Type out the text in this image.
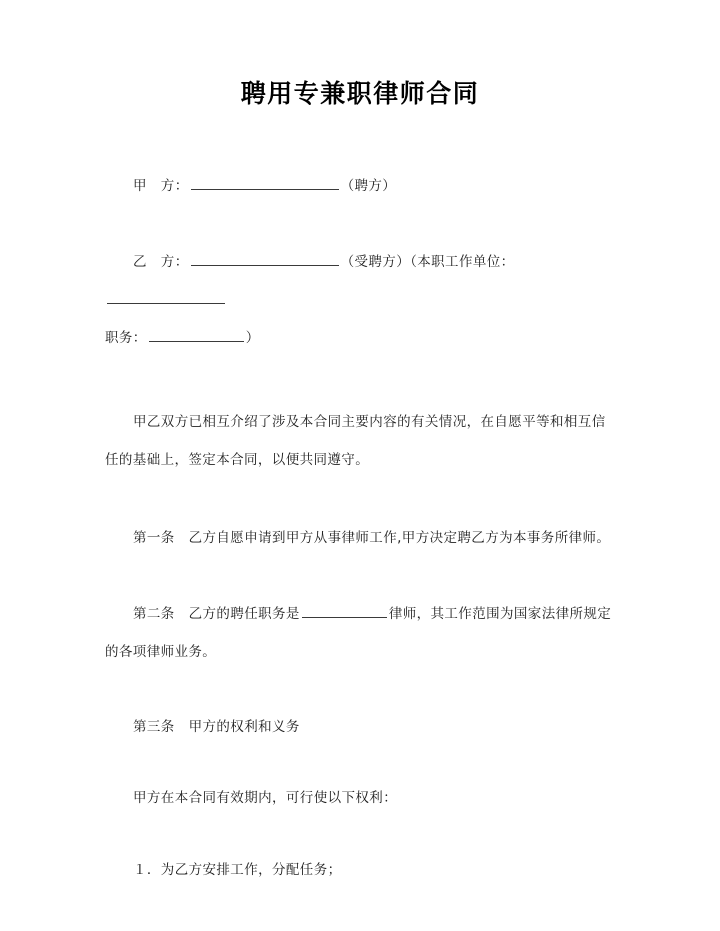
聘用专兼职律师合同

甲　方：	（聘方）

乙　方：	（受聘方）（本职工作单位：

职务：	）

甲乙双方已相互介绍了涉及本合同主要内容的有关情况，在自愿平等和相互信任的基础上，签定本合同，以便共同遵守。

第一条　 乙方自愿申请到甲方从事律师工作,甲方决定聘乙方为本事务所律师。

第二条　 乙方的聘任职务是	律师，其工作范围为国家法律所规定的各项律师业务。

第三条　 甲方的权利和义务

甲方在本合同有效期内，可行使以下权利：

１．为乙方安排工作，分配任务；
